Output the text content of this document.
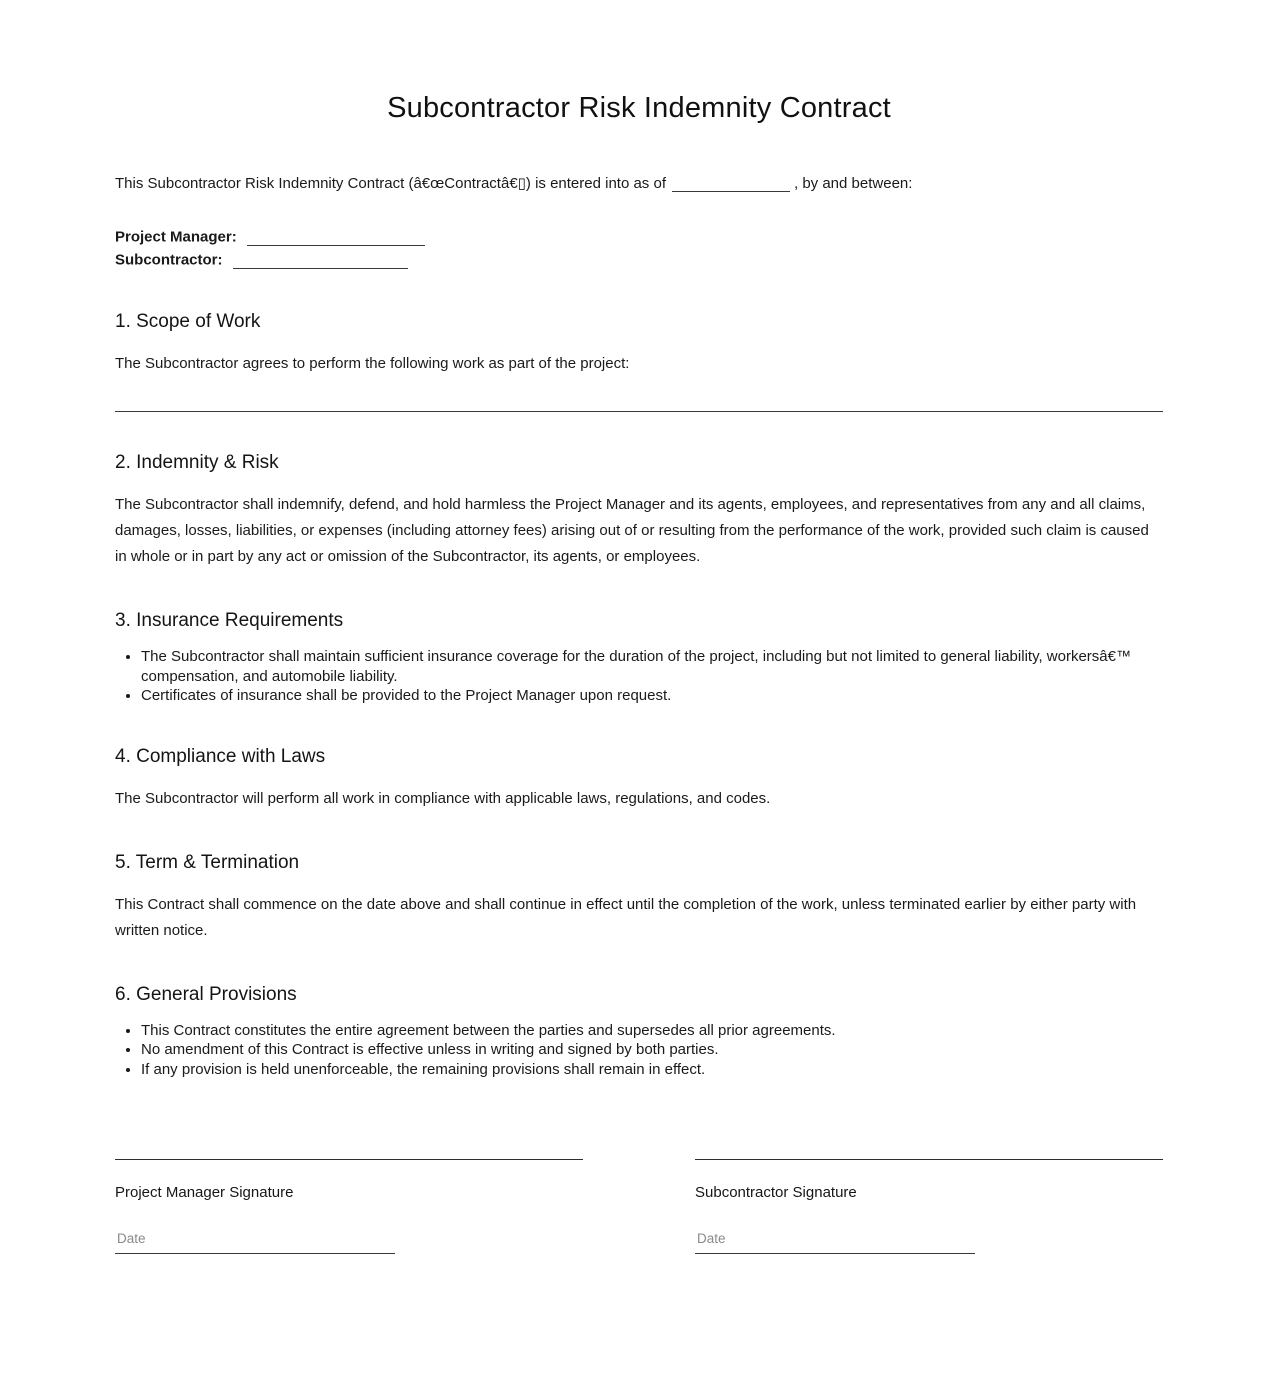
Subcontractor Risk Indemnity Contract

This Subcontractor Risk Indemnity Contract (â€œContractâ€▯) is entered into as of	, by and between:

Project Manager:
Subcontractor:
1. Scope of Work

The Subcontractor agrees to perform the following work as part of the project:

2. Indemnity & Risk

The Subcontractor shall indemnify, defend, and hold harmless the Project Manager and its agents, employees, and representatives from any and all claims, damages, losses, liabilities, or expenses (including attorney fees) arising out of or resulting from the performance of the work, provided such claim is caused in whole or in part by any act or omission of the Subcontractor, its agents, or employees.

3. Insurance Requirements
• The Subcontractor shall maintain sufficient insurance coverage for the duration of the project, including but not limited to general liability, workersâ€™ compensation, and automobile liability.
• Certificates of insurance shall be provided to the Project Manager upon request.
4. Compliance with Laws

The Subcontractor will perform all work in compliance with applicable laws, regulations, and codes.

5. Term & Termination

This Contract shall commence on the date above and shall continue in effect until the completion of the work, unless terminated earlier by either party with written notice.

6. General Provisions
• This Contract constitutes the entire agreement between the parties and supersedes all prior agreements.
• No amendment of this Contract is effective unless in writing and signed by both parties.
• If any provision is held unenforceable, the remaining provisions shall remain in effect.
Project Manager Signature
Date	Subcontractor Signature
Date
